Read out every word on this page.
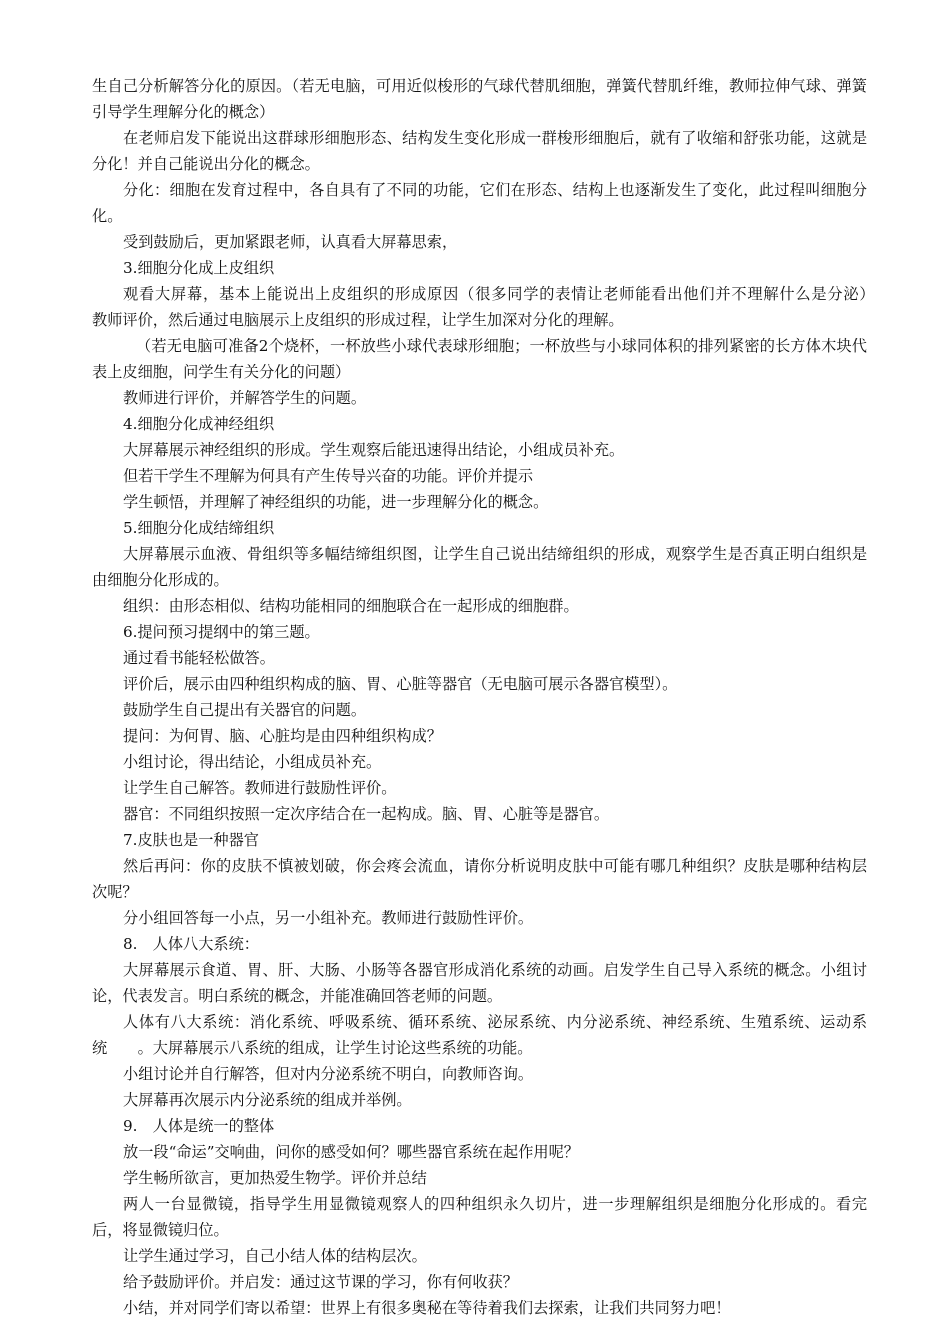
生自己分析解答分化的原因。（若无电脑，可用近似梭形的气球代替肌细胞，弹簧代替肌纤维，教师拉伸气球、弹簧引导学生理解分化的概念）

在老师启发下能说出这群球形细胞形态、结构发生变化形成一群梭形细胞后，就有了收缩和舒张功能，这就是分化！并自己能说出分化的概念。

分化：细胞在发育过程中，各自具有了不同的功能，它们在形态、结构上也逐渐发生了变化，此过程叫细胞分化。

受到鼓励后，更加紧跟老师，认真看大屏幕思索，

3.细胞分化成上皮组织

观看大屏幕，基本上能说出上皮组织的形成原因（很多同学的表情让老师能看出他们并不理解什么是分泌）　　教师评价，然后通过电脑展示上皮组织的形成过程，让学生加深对分化的理解。

（若无电脑可准备2个烧杯，一杯放些小球代表球形细胞；一杯放些与小球同体积的排列紧密的长方体木块代表上皮细胞，问学生有关分化的问题）

教师进行评价，并解答学生的问题。

4.细胞分化成神经组织

大屏幕展示神经组织的形成。学生观察后能迅速得出结论，小组成员补充。

但若干学生不理解为何具有产生传导兴奋的功能。评价并提示

学生顿悟，并理解了神经组织的功能，进一步理解分化的概念。

5.细胞分化成结缔组织

大屏幕展示血液、骨组织等多幅结缔组织图，让学生自己说出结缔组织的形成，观察学生是否真正明白组织是由细胞分化形成的。

组织：由形态相似、结构功能相同的细胞联合在一起形成的细胞群。

6.提问预习提纲中的第三题。

通过看书能轻松做答。

评价后，展示由四种组织构成的脑、胃、心脏等器官（无电脑可展示各器官模型）。

鼓励学生自己提出有关器官的问题。

提问：为何胃、脑、心脏均是由四种组织构成？

小组讨论，得出结论，小组成员补充。

让学生自己解答。教师进行鼓励性评价。

器官：不同组织按照一定次序结合在一起构成。脑、胃、心脏等是器官。

7.皮肤也是一种器官

然后再问：你的皮肤不慎被划破，你会疼会流血，请你分析说明皮肤中可能有哪几种组织？皮肤是哪种结构层次呢？

分小组回答每一小点，另一小组补充。教师进行鼓励性评价。

8.　人体八大系统：

大屏幕展示食道、胃、肝、大肠、小肠等各器官形成消化系统的动画。启发学生自己导入系统的概念。小组讨论，代表发言。明白系统的概念，并能准确回答老师的问题。

人体有八大系统：消化系统、呼吸系统、循环系统、泌尿系统、内分泌系统、神经系统、生殖系统、运动系统　　。大屏幕展示八系统的组成，让学生讨论这些系统的功能。

小组讨论并自行解答，但对内分泌系统不明白，向教师咨询。

大屏幕再次展示内分泌系统的组成并举例。

9.　人体是统一的整体

放一段“命运”交响曲，问你的感受如何？哪些器官系统在起作用呢？

学生畅所欲言，更加热爱生物学。评价并总结

两人一台显微镜，指导学生用显微镜观察人的四种组织永久切片，进一步理解组织是细胞分化形成的。看完后，将显微镜归位。

让学生通过学习，自己小结人体的结构层次。

给予鼓励评价。并启发：通过这节课的学习，你有何收获？

小结，并对同学们寄以希望：世界上有很多奥秘在等待着我们去探索，让我们共同努力吧！
